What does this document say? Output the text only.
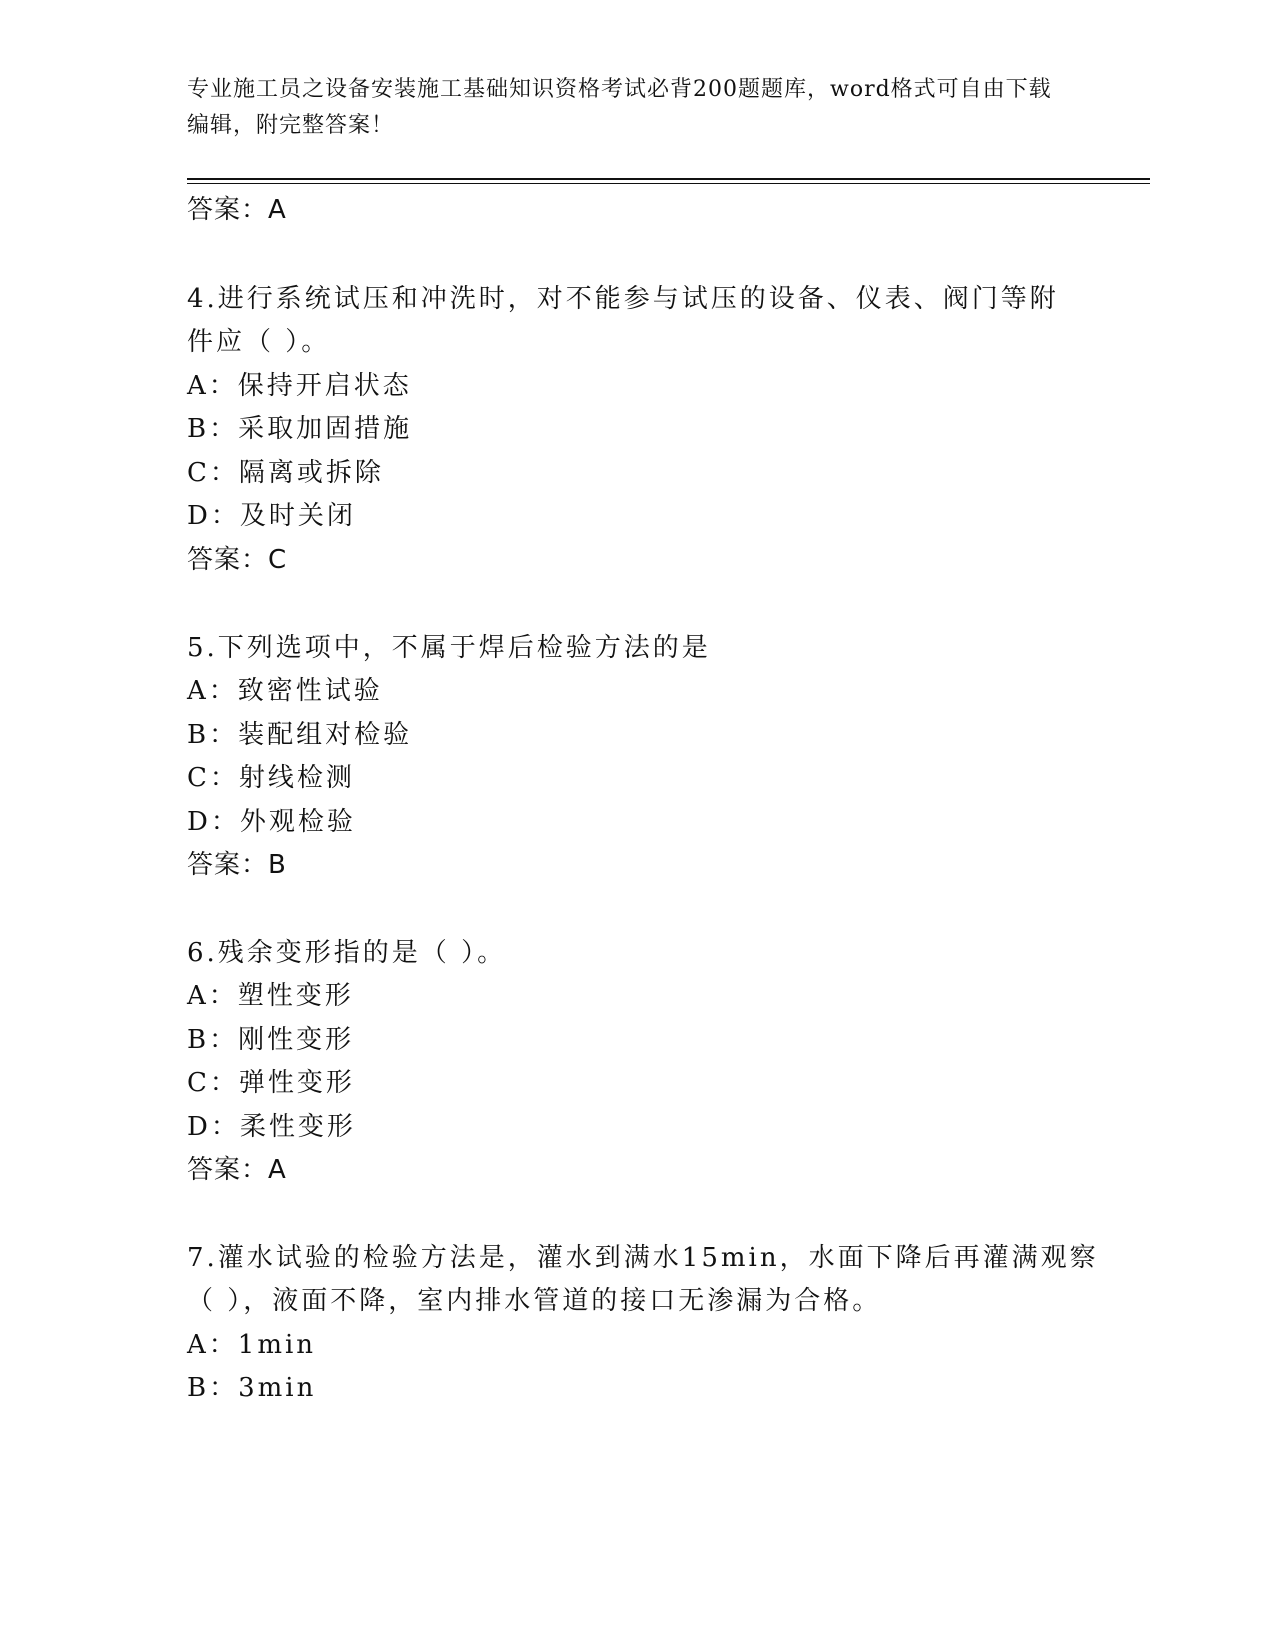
专业施工员之设备安装施工基础知识资格考试必背200题题库，word格式可自由下载编辑，附完整答案！
答案：A
4.进行系统试压和冲洗时，对不能参与试压的设备、仪表、阀门等附
件应（ ）。
A：保持开启状态
B：采取加固措施
C：隔离或拆除
D：及时关闭
答案：C
5.下列选项中，不属于焊后检验方法的是
A：致密性试验
B：装配组对检验
C：射线检测
D：外观检验
答案：B
6.残余变形指的是（ ）。
A：塑性变形
B：刚性变形
C：弹性变形
D：柔性变形
答案：A
7.灌水试验的检验方法是，灌水到满水15min，水面下降后再灌满观察
（ ），液面不降，室内排水管道的接口无渗漏为合格。
A：1min
B：3min
